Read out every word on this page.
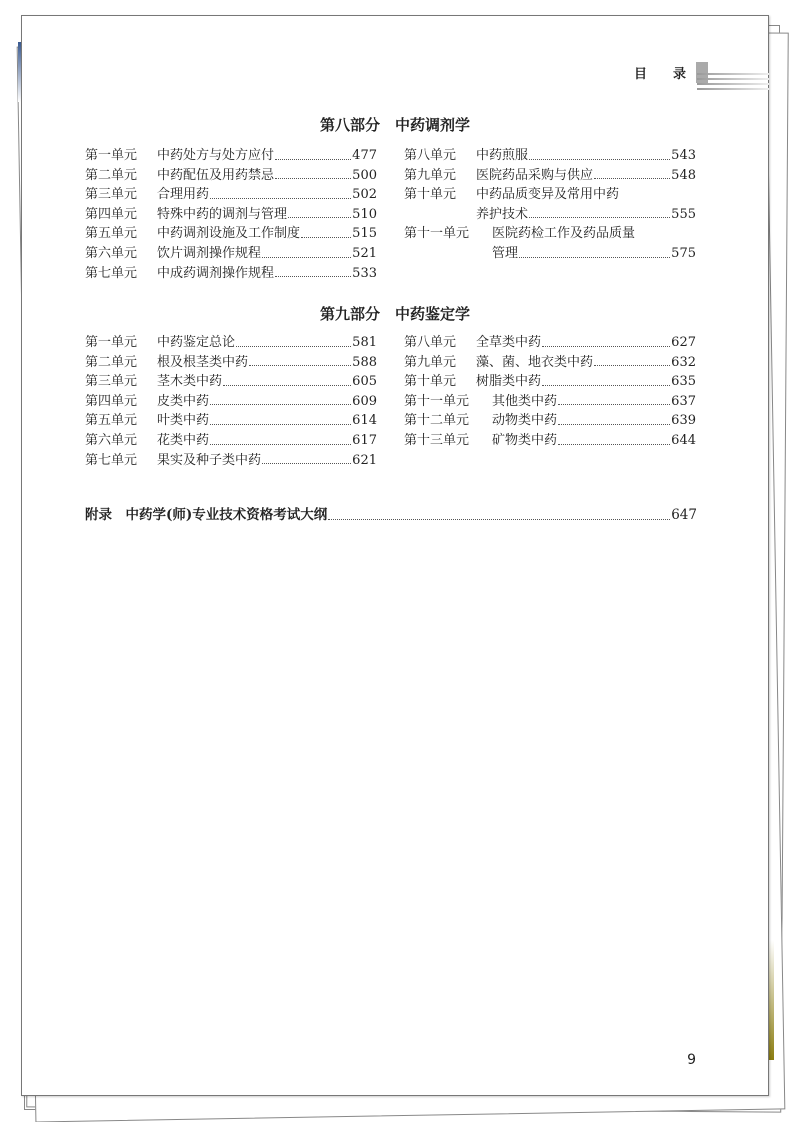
目 录
第八部分　中药调剂学
第一单元	中药处方与处方应付	477
第二单元	中药配伍及用药禁忌	500
第三单元	合理用药	502
第四单元	特殊中药的调剂与管理	510
第五单元	中药调剂设施及工作制度	515
第六单元	饮片调剂操作规程	521
第七单元	中成药调剂操作规程	533
第八单元	中药煎服	543
第九单元	医院药品采购与供应	548
第十单元	中药品质变异及常用中药
养护技术	555
第十一单元	医院药检工作及药品质量
管理	575
第九部分　中药鉴定学
第一单元	中药鉴定总论	581
第二单元	根及根茎类中药	588
第三单元	茎木类中药	605
第四单元	皮类中药	609
第五单元	叶类中药	614
第六单元	花类中药	617
第七单元	果实及种子类中药	621
第八单元	全草类中药	627
第九单元	藻、菌、地衣类中药	632
第十单元	树脂类中药	635
第十一单元	其他类中药	637
第十二单元	动物类中药	639
第十三单元	矿物类中药	644
附录　中药学(师)专业技术资格考试大纲	647
9
